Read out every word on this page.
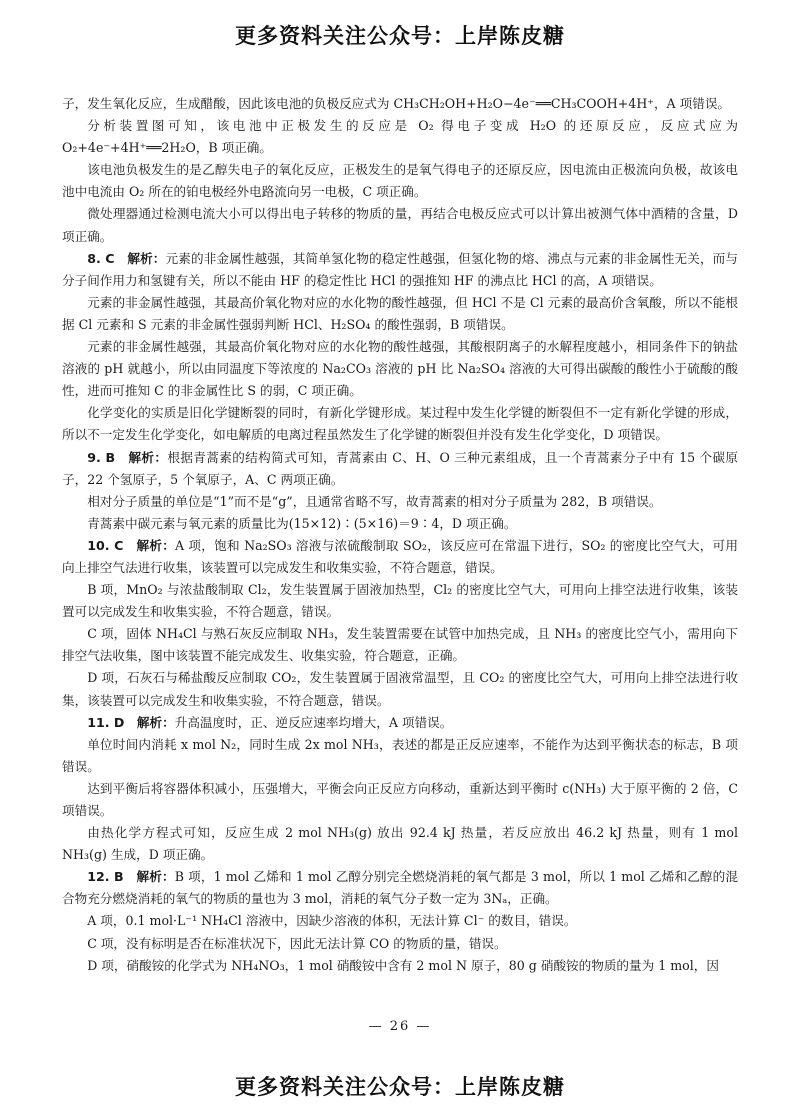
更多资料关注公众号：上岸陈皮糖

子，发生氧化反应，生成醋酸，因此该电池的负极反应式为 CH₃CH₂OH+H₂O−4e⁻══CH₃COOH+4H⁺，A 项错误。

分析装置图可知，该电池中正极发生的反应是 O₂ 得电子变成 H₂O 的还原反应，反应式应为 O₂+4e⁻+4H⁺══2H₂O，B 项正确。

该电池负极发生的是乙醇失电子的氧化反应，正极发生的是氧气得电子的还原反应，因电流由正极流向负极，故该电池中电流由 O₂ 所在的铂电极经外电路流向另一电极，C 项正确。

微处理器通过检测电流大小可以得出电子转移的物质的量，再结合电极反应式可以计算出被测气体中酒精的含量，D 项正确。

8. C　解析：元素的非金属性越强，其简单氢化物的稳定性越强，但氢化物的熔、沸点与元素的非金属性无关，而与分子间作用力和氢键有关，所以不能由 HF 的稳定性比 HCl 的强推知 HF 的沸点比 HCl 的高，A 项错误。

元素的非金属性越强，其最高价氧化物对应的水化物的酸性越强，但 HCl 不是 Cl 元素的最高价含氧酸，所以不能根据 Cl 元素和 S 元素的非金属性强弱判断 HCl、H₂SO₄ 的酸性强弱，B 项错误。

元素的非金属性越强，其最高价氧化物对应的水化物的酸性越强，其酸根阴离子的水解程度越小，相同条件下的钠盐溶液的 pH 就越小，所以由同温度下等浓度的 Na₂CO₃ 溶液的 pH 比 Na₂SO₄ 溶液的大可得出碳酸的酸性小于硫酸的酸性，进而可推知 C 的非金属性比 S 的弱，C 项正确。

化学变化的实质是旧化学键断裂的同时，有新化学键形成。某过程中发生化学键的断裂但不一定有新化学键的形成，所以不一定发生化学变化，如电解质的电离过程虽然发生了化学键的断裂但并没有发生化学变化，D 项错误。

9. B　解析：根据青蒿素的结构简式可知，青蒿素由 C、H、O 三种元素组成，且一个青蒿素分子中有 15 个碳原子，22 个氢原子，5 个氧原子，A、C 两项正确。

相对分子质量的单位是“1”而不是“g”，且通常省略不写，故青蒿素的相对分子质量为 282，B 项错误。

青蒿素中碳元素与氧元素的质量比为(15×12)∶(5×16)＝9∶4，D 项正确。

10. C　解析：A 项，饱和 Na₂SO₃ 溶液与浓硫酸制取 SO₂，该反应可在常温下进行，SO₂ 的密度比空气大，可用向上排空气法进行收集，该装置可以完成发生和收集实验，不符合题意，错误。

B 项，MnO₂ 与浓盐酸制取 Cl₂，发生装置属于固液加热型，Cl₂ 的密度比空气大，可用向上排空法进行收集，该装置可以完成发生和收集实验，不符合题意，错误。

C 项，固体 NH₄Cl 与熟石灰反应制取 NH₃，发生装置需要在试管中加热完成，且 NH₃ 的密度比空气小，需用向下排空气法收集，图中该装置不能完成发生、收集实验，符合题意，正确。

D 项，石灰石与稀盐酸反应制取 CO₂，发生装置属于固液常温型，且 CO₂ 的密度比空气大，可用向上排空法进行收集，该装置可以完成发生和收集实验，不符合题意，错误。

11. D　解析：升高温度时，正、逆反应速率均增大，A 项错误。

单位时间内消耗 x mol N₂，同时生成 2x mol NH₃，表述的都是正反应速率，不能作为达到平衡状态的标志，B 项错误。

达到平衡后将容器体积减小，压强增大，平衡会向正反应方向移动，重新达到平衡时 c(NH₃) 大于原平衡的 2 倍，C 项错误。

由热化学方程式可知，反应生成 2 mol NH₃(g) 放出 92.4 kJ 热量，若反应放出 46.2 kJ 热量，则有 1 mol NH₃(g) 生成，D 项正确。

12. B　解析：B 项，1 mol 乙烯和 1 mol 乙醇分别完全燃烧消耗的氧气都是 3 mol，所以 1 mol 乙烯和乙醇的混合物充分燃烧消耗的氧气的物质的量也为 3 mol，消耗的氧气分子数一定为 3Nₐ，正确。

A 项，0.1 mol·L⁻¹ NH₄Cl 溶液中，因缺少溶液的体积，无法计算 Cl⁻ 的数目，错误。

C 项，没有标明是否在标准状况下，因此无法计算 CO 的物质的量，错误。

D 项，硝酸铵的化学式为 NH₄NO₃，1 mol 硝酸铵中含有 2 mol N 原子，80 g 硝酸铵的物质的量为 1 mol，因

— 26 —
更多资料关注公众号：上岸陈皮糖
